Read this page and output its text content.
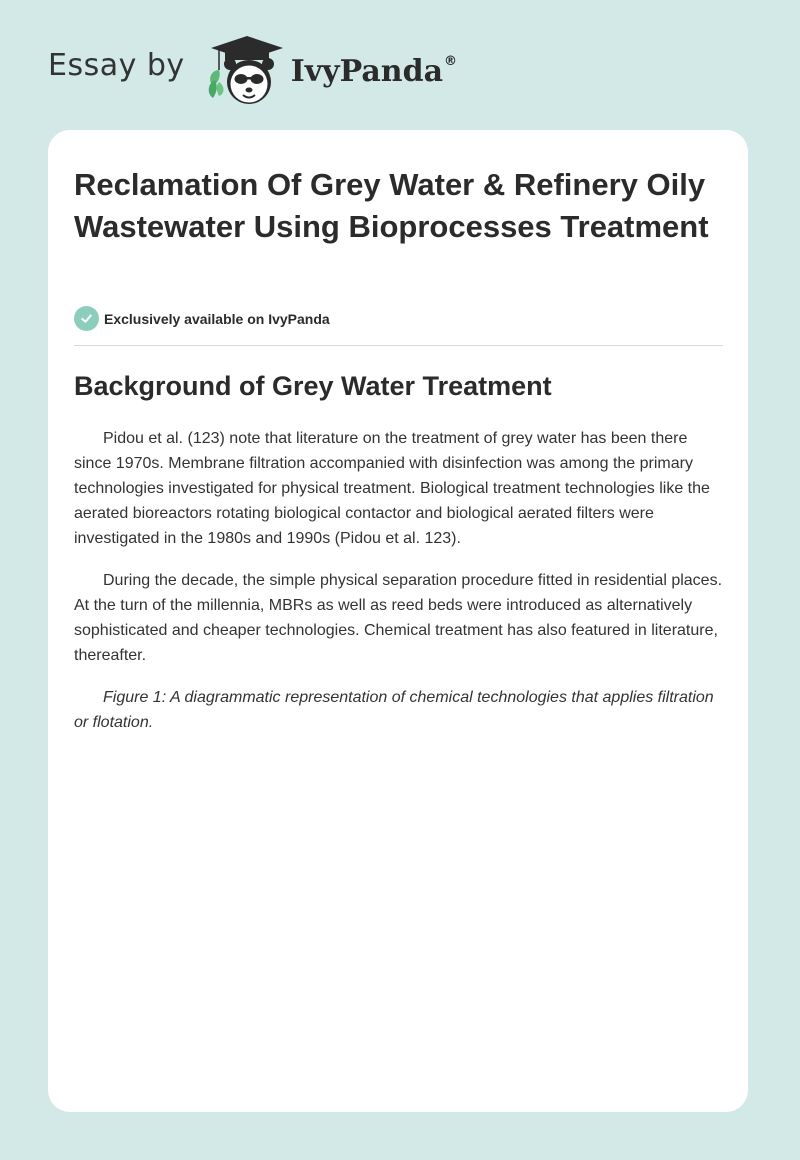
Essay by	IvyPanda®
Reclamation Of Grey Water & Refinery Oily Wastewater Using Bioprocesses Treatment
Exclusively available on IvyPanda
Background of Grey Water Treatment

Pidou et al. (123) note that literature on the treatment of grey water has been there since 1970s. Membrane filtration accompanied with disinfection was among the primary technologies investigated for physical treatment. Biological treatment technologies like the aerated bioreactors rotating biological contactor and biological aerated filters were investigated in the 1980s and 1990s (Pidou et al. 123).

During the decade, the simple physical separation procedure fitted in residential places. At the turn of the millennia, MBRs as well as reed beds were introduced as alternatively sophisticated and cheaper technologies. Chemical treatment has also featured in literature, thereafter.

Figure 1: A diagrammatic representation of chemical technologies that applies filtration or flotation.
